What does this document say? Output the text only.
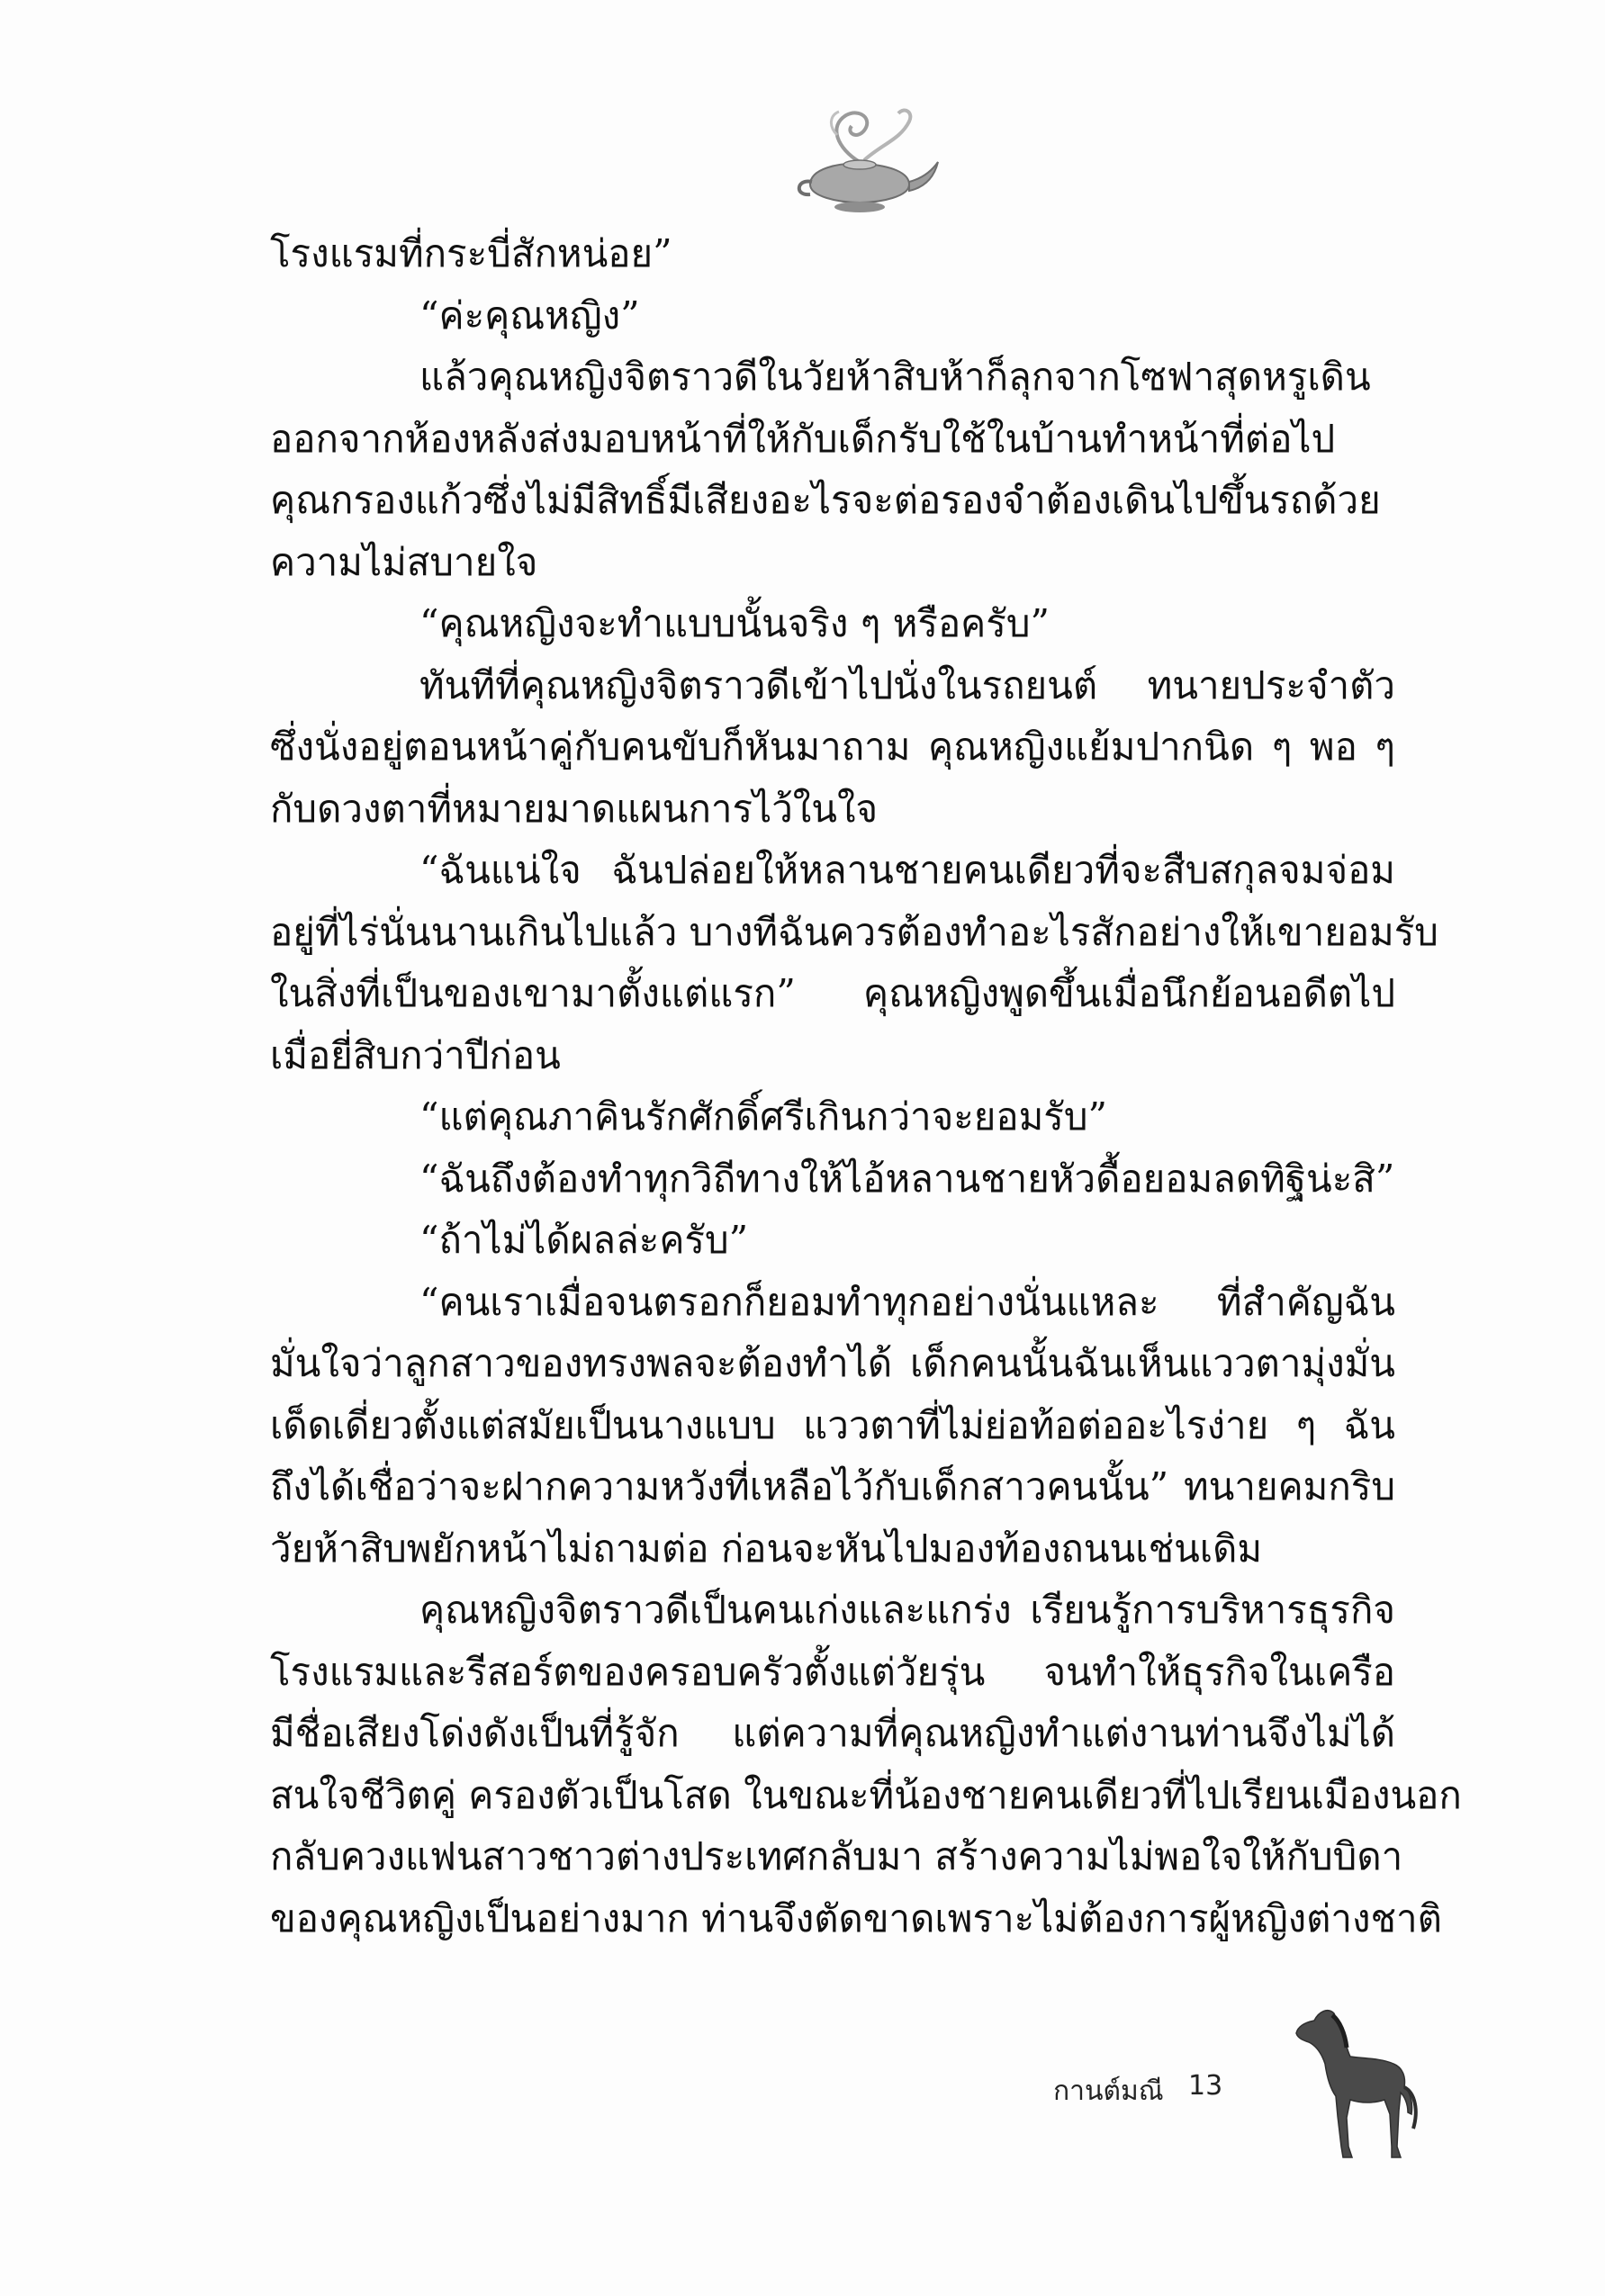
โรงแรมที่กระบี่สักหน่อย”
“ค่ะคุณหญิง”
แล้วคุณหญิงจิตราวดีในวัยห้าสิบห้าก็ลุกจากโซฟาสุดหรูเดิน
ออกจากห้องหลังส่งมอบหน้าที่ให้กับเด็กรับใช้ในบ้านทำหน้าที่ต่อไป
คุณกรองแก้วซึ่งไม่มีสิทธิ์มีเสียงอะไรจะต่อรองจำต้องเดินไปขึ้นรถด้วย
ความไม่สบายใจ
“คุณหญิงจะทำแบบนั้นจริง ๆ หรือครับ”
ทันทีที่คุณหญิงจิตราวดีเข้าไปนั่งในรถยนต์ ทนายประจำตัว
ซึ่งนั่งอยู่ตอนหน้าคู่กับคนขับก็หันมาถาม คุณหญิงแย้มปากนิด ๆ พอ ๆ
กับดวงตาที่หมายมาดแผนการไว้ในใจ
“ฉันแน่ใจ ฉันปล่อยให้หลานชายคนเดียวที่จะสืบสกุลจมจ่อม
อยู่ที่ไร่นั่นนานเกินไปแล้ว บางทีฉันควรต้องทำอะไรสักอย่างให้เขายอมรับ
ในสิ่งที่เป็นของเขามาตั้งแต่แรก” คุณหญิงพูดขึ้นเมื่อนึกย้อนอดีตไป
เมื่อยี่สิบกว่าปีก่อน
“แต่คุณภาคินรักศักดิ์ศรีเกินกว่าจะยอมรับ”
“ฉันถึงต้องทำทุกวิถีทางให้ไอ้หลานชายหัวดื้อยอมลดทิฐิน่ะสิ”
“ถ้าไม่ได้ผลล่ะครับ”
“คนเราเมื่อจนตรอกก็ยอมทำทุกอย่างนั่นแหละ ที่สำคัญฉัน
มั่นใจว่าลูกสาวของทรงพลจะต้องทำได้ เด็กคนนั้นฉันเห็นแววตามุ่งมั่น
เด็ดเดี่ยวตั้งแต่สมัยเป็นนางแบบ แววตาที่ไม่ย่อท้อต่ออะไรง่าย ๆ ฉัน
ถึงได้เชื่อว่าจะฝากความหวังที่เหลือไว้กับเด็กสาวคนนั้น” ทนายคมกริบ
วัยห้าสิบพยักหน้าไม่ถามต่อ ก่อนจะหันไปมองท้องถนนเช่นเดิม
คุณหญิงจิตราวดีเป็นคนเก่งและแกร่ง เรียนรู้การบริหารธุรกิจ
โรงแรมและรีสอร์ตของครอบครัวตั้งแต่วัยรุ่น จนทำให้ธุรกิจในเครือ
มีชื่อเสียงโด่งดังเป็นที่รู้จัก แต่ความที่คุณหญิงทำแต่งานท่านจึงไม่ได้
สนใจชีวิตคู่ ครองตัวเป็นโสด ในขณะที่น้องชายคนเดียวที่ไปเรียนเมืองนอก
กลับควงแฟนสาวชาวต่างประเทศกลับมา สร้างความไม่พอใจให้กับบิดา
ของคุณหญิงเป็นอย่างมาก ท่านจึงตัดขาดเพราะไม่ต้องการผู้หญิงต่างชาติ
กานต์มณี 13
